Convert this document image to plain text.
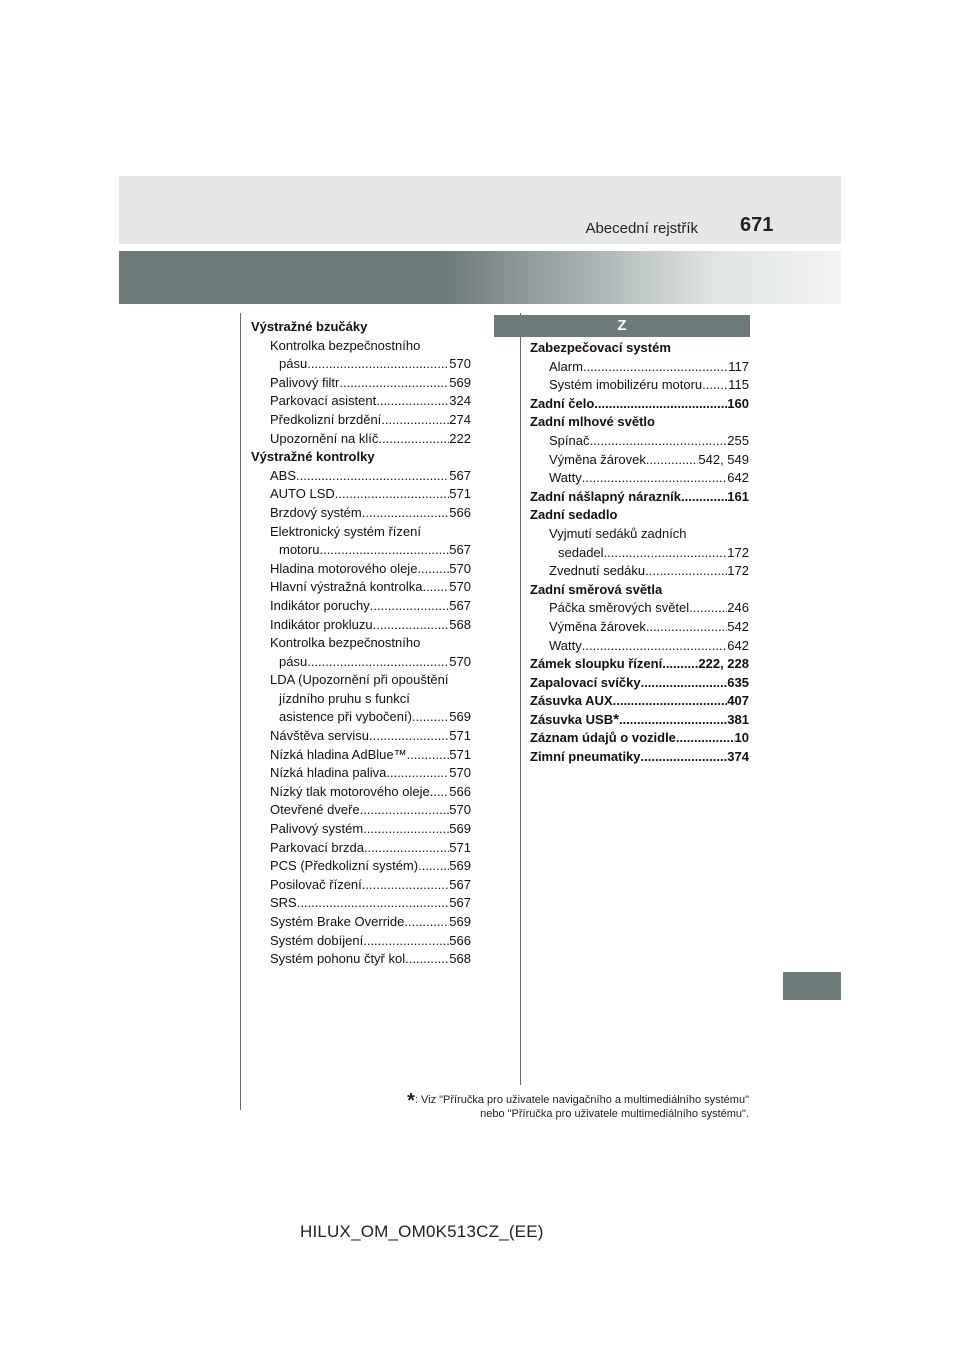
Abecední rejstřík 671
Z
Výstražné bzučáky
Kontrolka bezpečnostního
pásu .....	570
Palivový filtr .....	569
Parkovací asistent .....	324
Předkolizní brzdění .....	274
Upozornění na klíč .....	222
Výstražné kontrolky
ABS .....	567
AUTO LSD .....	571
Brzdový systém .....	566
Elektronický systém řízení
motoru .....	567
Hladina motorového oleje ..... 570
Hlavní výstražná kontrolka ..... 570
Indikátor poruchy .....	567
Indikátor prokluzu .....	568
Kontrolka bezpečnostního
pásu .....	570
LDA (Upozornění při opouštění
jízdního pruhu s funkcí
asistence při vybočení) .....	569
Návštěva servisu .....	571
Nízká hladina AdBlue™ .....	571
Nízká hladina paliva .....	570
Nízký tlak motorového oleje ..... 566
Otevřené dveře .....	570
Palivový systém .....	569
Parkovací brzda .....	571
PCS (Předkolizní systém) ..... 569
Posilovač řízení .....	567
SRS .....	567
Systém Brake Override .....	569
Systém dobíjení .....	566
Systém pohonu čtyř kol .....	568
Zabezpečovací systém
Alarm .....	117
Systém imobilizéru motoru ..... 115
Zadní čelo .....	160
Zadní mlhové světlo
Spínač .....	255
Výměna žárovek .....	542, 549
Watty .....	642
Zadní nášlapný nárazník .....	161
Zadní sedadlo
Vyjmutí sedáků zadních
sedadel .....	172
Zvednutí sedáku .....	172
Zadní směrová světla
Páčka směrových světel .....	246
Výměna žárovek .....	542
Watty .....	642
Zámek sloupku řízení .....	222, 228
Zapalovací svíčky .....	635
Zásuvka AUX .....	407
Zásuvka USB * .....	381
Záznam údajů o vozidle .....	10
Zimní pneumatiky .....	374
*: Viz "Příručka pro uživatele navigačního a multimediálního systému"
nebo "Příručka pro uživatele multimediálního systému".
HILUX_OM_OM0K513CZ_(EE)
